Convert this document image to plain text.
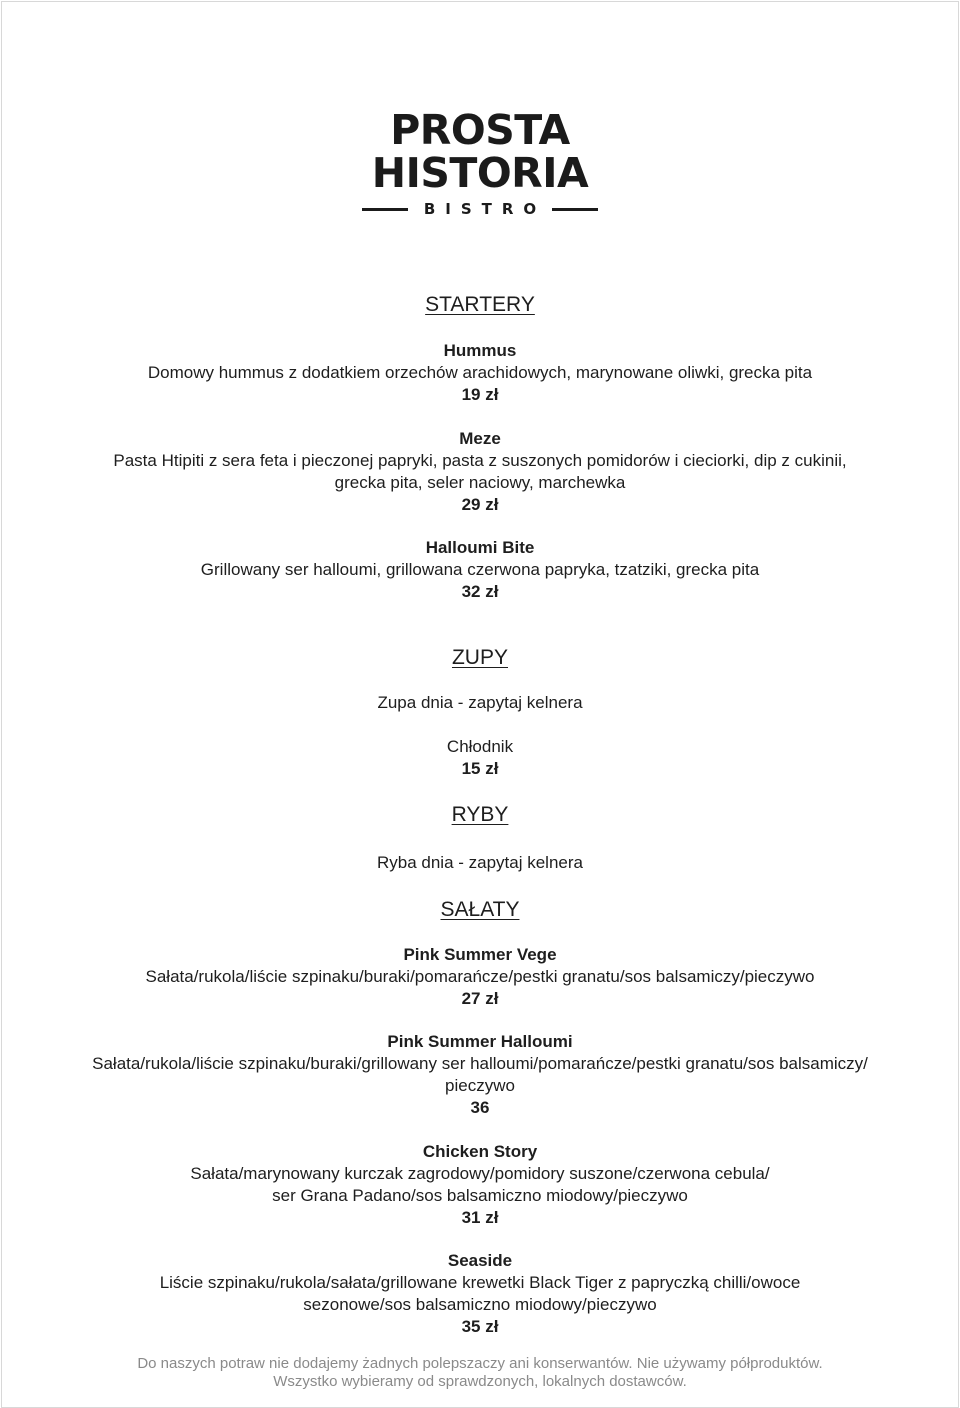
PROSTA
HISTORIA
BISTRO
STARTERY
Hummus
Domowy hummus z dodatkiem orzechów arachidowych, marynowane oliwki, grecka pita
19 zł
Meze
Pasta Htipiti z sera feta i pieczonej papryki, pasta z suszonych pomidorów i cieciorki, dip z cukinii,
grecka pita, seler naciowy, marchewka
29 zł
Halloumi Bite
Grillowany ser halloumi, grillowana czerwona papryka, tzatziki, grecka pita
32 zł
ZUPY
Zupa dnia - zapytaj kelnera
Chłodnik
15 zł
RYBY
Ryba dnia - zapytaj kelnera
SAŁATY
Pink Summer Vege
Sałata/rukola/liście szpinaku/buraki/pomarańcze/pestki granatu/sos balsamiczy/pieczywo
27 zł
Pink Summer Halloumi
Sałata/rukola/liście szpinaku/buraki/grillowany ser halloumi/pomarańcze/pestki granatu/sos balsamiczy/
pieczywo
36
Chicken Story
Sałata/marynowany kurczak zagrodowy/pomidory suszone/czerwona cebula/
ser Grana Padano/sos balsamiczno miodowy/pieczywo
31 zł
Seaside
Liście szpinaku/rukola/sałata/grillowane krewetki Black Tiger z papryczką chilli/owoce
sezonowe/sos balsamiczno miodowy/pieczywo
35 zł
Do naszych potraw nie dodajemy żadnych polepszaczy ani konserwantów. Nie używamy półproduktów.
Wszystko wybieramy od sprawdzonych, lokalnych dostawców.
